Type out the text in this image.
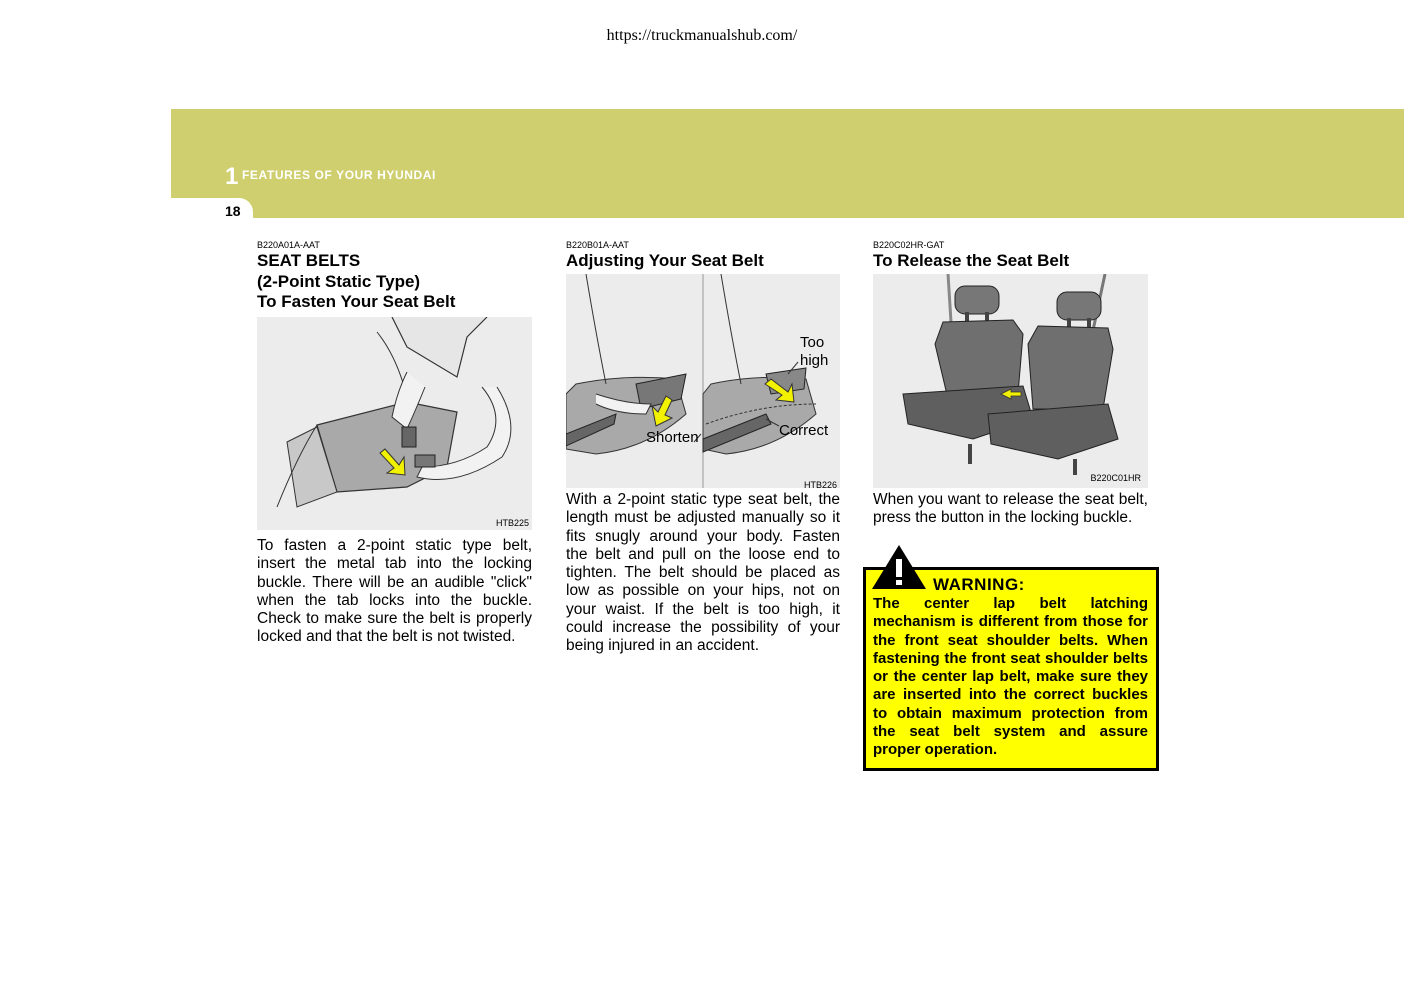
https://truckmanualshub.com/
1 FEATURES OF YOUR HYUNDAI
18
B220A01A-AAT
SEAT BELTS
(2-Point Static Type)
To Fasten Your Seat Belt
HTB225
To fasten a 2-point static type belt, insert the metal tab into the locking buckle. There will be an audible "click" when the tab locks into the buckle. Check to make sure the belt is properly locked and that the belt is not twisted.
B220B01A-AAT
Adjusting Your Seat Belt
Too
high
Shorten	Correct
HTB226
With a 2-point static type seat belt, the length must be adjusted manually so it fits snugly around your body. Fasten the belt and pull on the loose end to tighten. The belt should be placed as low as possible on your hips, not on your waist. If the belt is too high, it could increase the possibility of your being injured in an accident.
B220C02HR-GAT
To Release the Seat Belt
B220C01HR
When you want to release the seat belt, press the button in the locking buckle.
WARNING:
The center lap belt latching mechanism is different from those for the front seat shoulder belts. When fastening the front seat shoulder belts or the center lap belt, make sure they are inserted into the correct buckles to obtain maximum protection from the seat belt system and assure proper operation.
